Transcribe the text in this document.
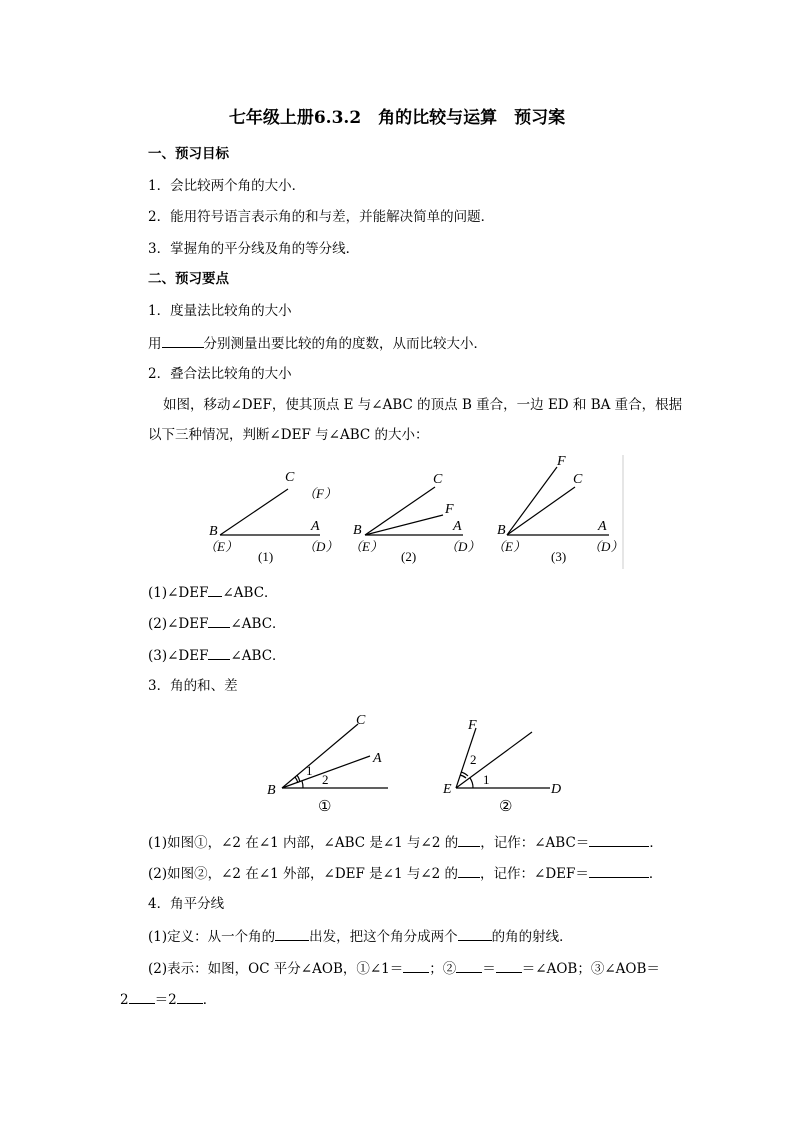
七年级上册6.3.2　角的比较与运算　预习案
一、预习目标
1．会比较两个角的大小．
2．能用符号语言表示角的和与差，并能解决简单的问题．
3．掌握角的平分线及角的等分线．
二、预习要点
1．度量法比较角的大小
用	分别测量出要比较的角的度数，从而比较大小．
2．叠合法比较角的大小
如图，移动∠DEF，使其顶点 E 与∠ABC 的顶点 B 重合，一边 ED 和 BA 重合，根据
以下三种情况，判断∠DEF 与∠ABC 的大小：
C
（F）
B
（E）
A
（D）
(1)
C
F
B
（E）
A
（D）
(2)
F
C
B
（E）
A
（D）
(3)
(1)∠DEF ∠ABC．
(2)∠DEF ∠ABC．
(3)∠DEF ∠ABC．
3．角的和、差
C
A
B
1
2
①
F
E	D
1
2
②
(1)如图①，∠2 在∠1 内部，∠ABC 是∠1 与∠2 的 ，记作：∠ABC＝	．
(2)如图②，∠2 在∠1 外部，∠DEF 是∠1 与∠2 的 ，记作：∠DEF＝	．
4．角平分线
(1)定义：从一个角的	出发，把这个角分成两个	的角的射线．
(2)表示：如图，OC 平分∠AOB，①∠1＝ ；② ＝ ＝∠AOB；③∠AOB＝
2 ＝2 ．
